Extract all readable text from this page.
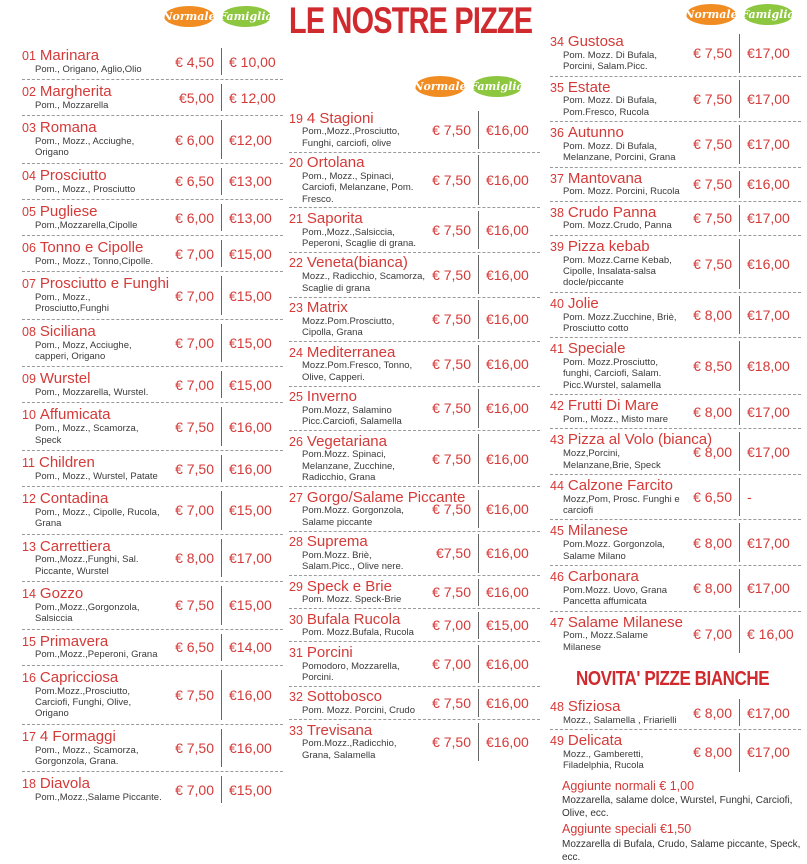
LE NOSTRE PIZZE
Normale Famiglia
01 Marinara
Pom., Origano, Aglio,Olio	€ 4,50	€ 10,00
02 Margherita
Pom., Mozzarella	€5,00	€ 12,00
03 Romana
Pom., Mozz., Acciughe, Origano
€ 6,00	€12,00
04 Prosciutto
Pom., Mozz., Prosciutto	€ 6,50	€13,00
05 Pugliese
Pom.,Mozzarella,Cipolle	€ 6,00	€13,00
06 Tonno e Cipolle
Pom., Mozz., Tonno,Cipolle.	€ 7,00	€15,00
07 Prosciutto e Funghi
Pom., Mozz., Prosciutto,Funghi
€ 7,00	€15,00
08 Siciliana
Pom., Mozz, Acciughe, capperi, Origano
€ 7,00	€15,00
09 Wurstel
Pom., Mozzarella, Wurstel.	€ 7,00	€15,00
10 Affumicata
Pom., Mozz., Scamorza, Speck
€ 7,50	€16,00
11 Children
Pom., Mozz., Wurstel, Patate	€ 7,50	€16,00
12 Contadina
Pom., Mozz., Cipolle, Rucola, Grana
€ 7,00	€15,00
13 Carrettiera
Pom.,Mozz.,Funghi, Sal. Piccante, Wurstel
€ 8,00	€17,00
14 Gozzo
Pom.,Mozz.,Gorgonzola, Salsiccia
€ 7,50	€15,00
15 Primavera
Pom.,Mozz.,Peperoni, Grana	€ 6,50	€14,00
16 Capricciosa
Pom.Mozz.,Prosciutto, Carciofi, Funghi, Olive, Origano
€ 7,50	€16,00
17 4 Formaggi
Pom., Mozz., Scamorza, Gorgonzola, Grana.
€ 7,50	€16,00
18 Diavola
Pom.,Mozz.,Salame Piccante. € 7,00	€15,00
Normale Famiglia
19 4 Stagioni
Pom.,Mozz.,Prosciutto, Funghi, carciofi, olive
€ 7,50	€16,00
20 Ortolana
Pom., Mozz., Spinaci, Carciofi, Melanzane, Pom. Fresco.
€ 7,50	€16,00
21 Saporita
Pom.,Mozz.,Salsiccia, Peperoni, Scaglie di grana.
€ 7,50	€16,00
22 Veneta(bianca)
Mozz., Radicchio, Scamorza, Scaglie di grana
€ 7,50	€16,00
23 Matrix
Mozz.Pom.Prosciutto, Cipolla, Grana
€ 7,50	€16,00
24 Mediterranea
Mozz.Pom.Fresco, Tonno, Olive, Capperi.
€ 7,50	€16,00
25 Inverno
Pom.Mozz, Salamino Picc.Carciofi, Salamella
€ 7,50	€16,00
26 Vegetariana
Pom.Mozz. Spinaci, Melanzane, Zucchine, Radicchio, Grana
€ 7,50	€16,00
27 Gorgo/Salame Piccante
Pom.Mozz. Gorgonzola, Salame piccante
€ 7,50	€16,00
28 Suprema
Pom.Mozz. Briè, Salam.Picc., Olive nere.
€7,50	€16,00
29 Speck e Brie
Pom. Mozz. Speck-Brie	€ 7,50	€16,00
30 Bufala Rucola
Pom. Mozz.Bufala, Rucola	€ 7,00	€15,00
31 Porcini
Pomodoro, Mozzarella, Porcini.
€ 7,00	€16,00
32 Sottobosco
Pom. Mozz. Porcini, Crudo	€ 7,50	€16,00
33 Trevisana
Pom.Mozz.,Radicchio, Grana, Salamella
€ 7,50	€16,00
Normale Famiglia
34 Gustosa
Pom. Mozz. Di Bufala, Porcini, Salam.Picc.
€ 7,50	€17,00
35 Estate
Pom. Mozz. Di Bufala, Pom.Fresco, Rucola
€ 7,50	€17,00
36 Autunno
Pom. Mozz. Di Bufala, Melanzane, Porcini, Grana
€ 7,50	€17,00
37 Mantovana
Pom. Mozz. Porcini, Rucola € 7,50	€16,00
38 Crudo Panna
Pom. Mozz.Crudo, Panna	€ 7,50	€17,00
39 Pizza kebab
Pom. Mozz.Carne Kebab, Cipolle, Insalata-salsa docle/piccante
€ 7,50	€16,00
40 Jolie
Pom. Mozz.Zucchine, Briè, Prosciutto cotto
€ 8,00	€17,00
41 Speciale
Pom. Mozz.Prosciutto, funghi, Carciofi, Salam. Picc.Wurstel, salamella
€ 8,50	€18,00
42 Frutti Di Mare
Pom., Mozz., Misto mare	€ 8,00	€17,00
43 Pizza al Volo (bianca)
Mozz,Porcini, Melanzane,Brie, Speck
€ 8,00	€17,00
44 Calzone Farcito
Mozz,Pom, Prosc. Funghi e carciofi
€ 6,50	-
45 Milanese
Pom.Mozz. Gorgonzola, Salame Milano
€ 8,00	€17,00
46 Carbonara
Pom.Mozz. Uovo, Grana Pancetta affumicata
€ 8,00	€17,00
47 Salame Milanese
Pom., Mozz.Salame Milanese
€ 7,00	€ 16,00
NOVITA' PIZZE BIANCHE
48 Sfiziosa
Mozz., Salamella , Friarielli	€ 8,00	€17,00
49 Delicata
Mozz., Gamberetti, Filadelphia, Rucola
€ 8,00	€17,00
Aggiunte normali € 1,00
Mozzarella, salame dolce, Wurstel, Funghi, Carciofi, Olive, ecc.
Aggiunte speciali €1,50
Mozzarella di Bufala, Crudo, Salame piccante, Speck, ecc.
